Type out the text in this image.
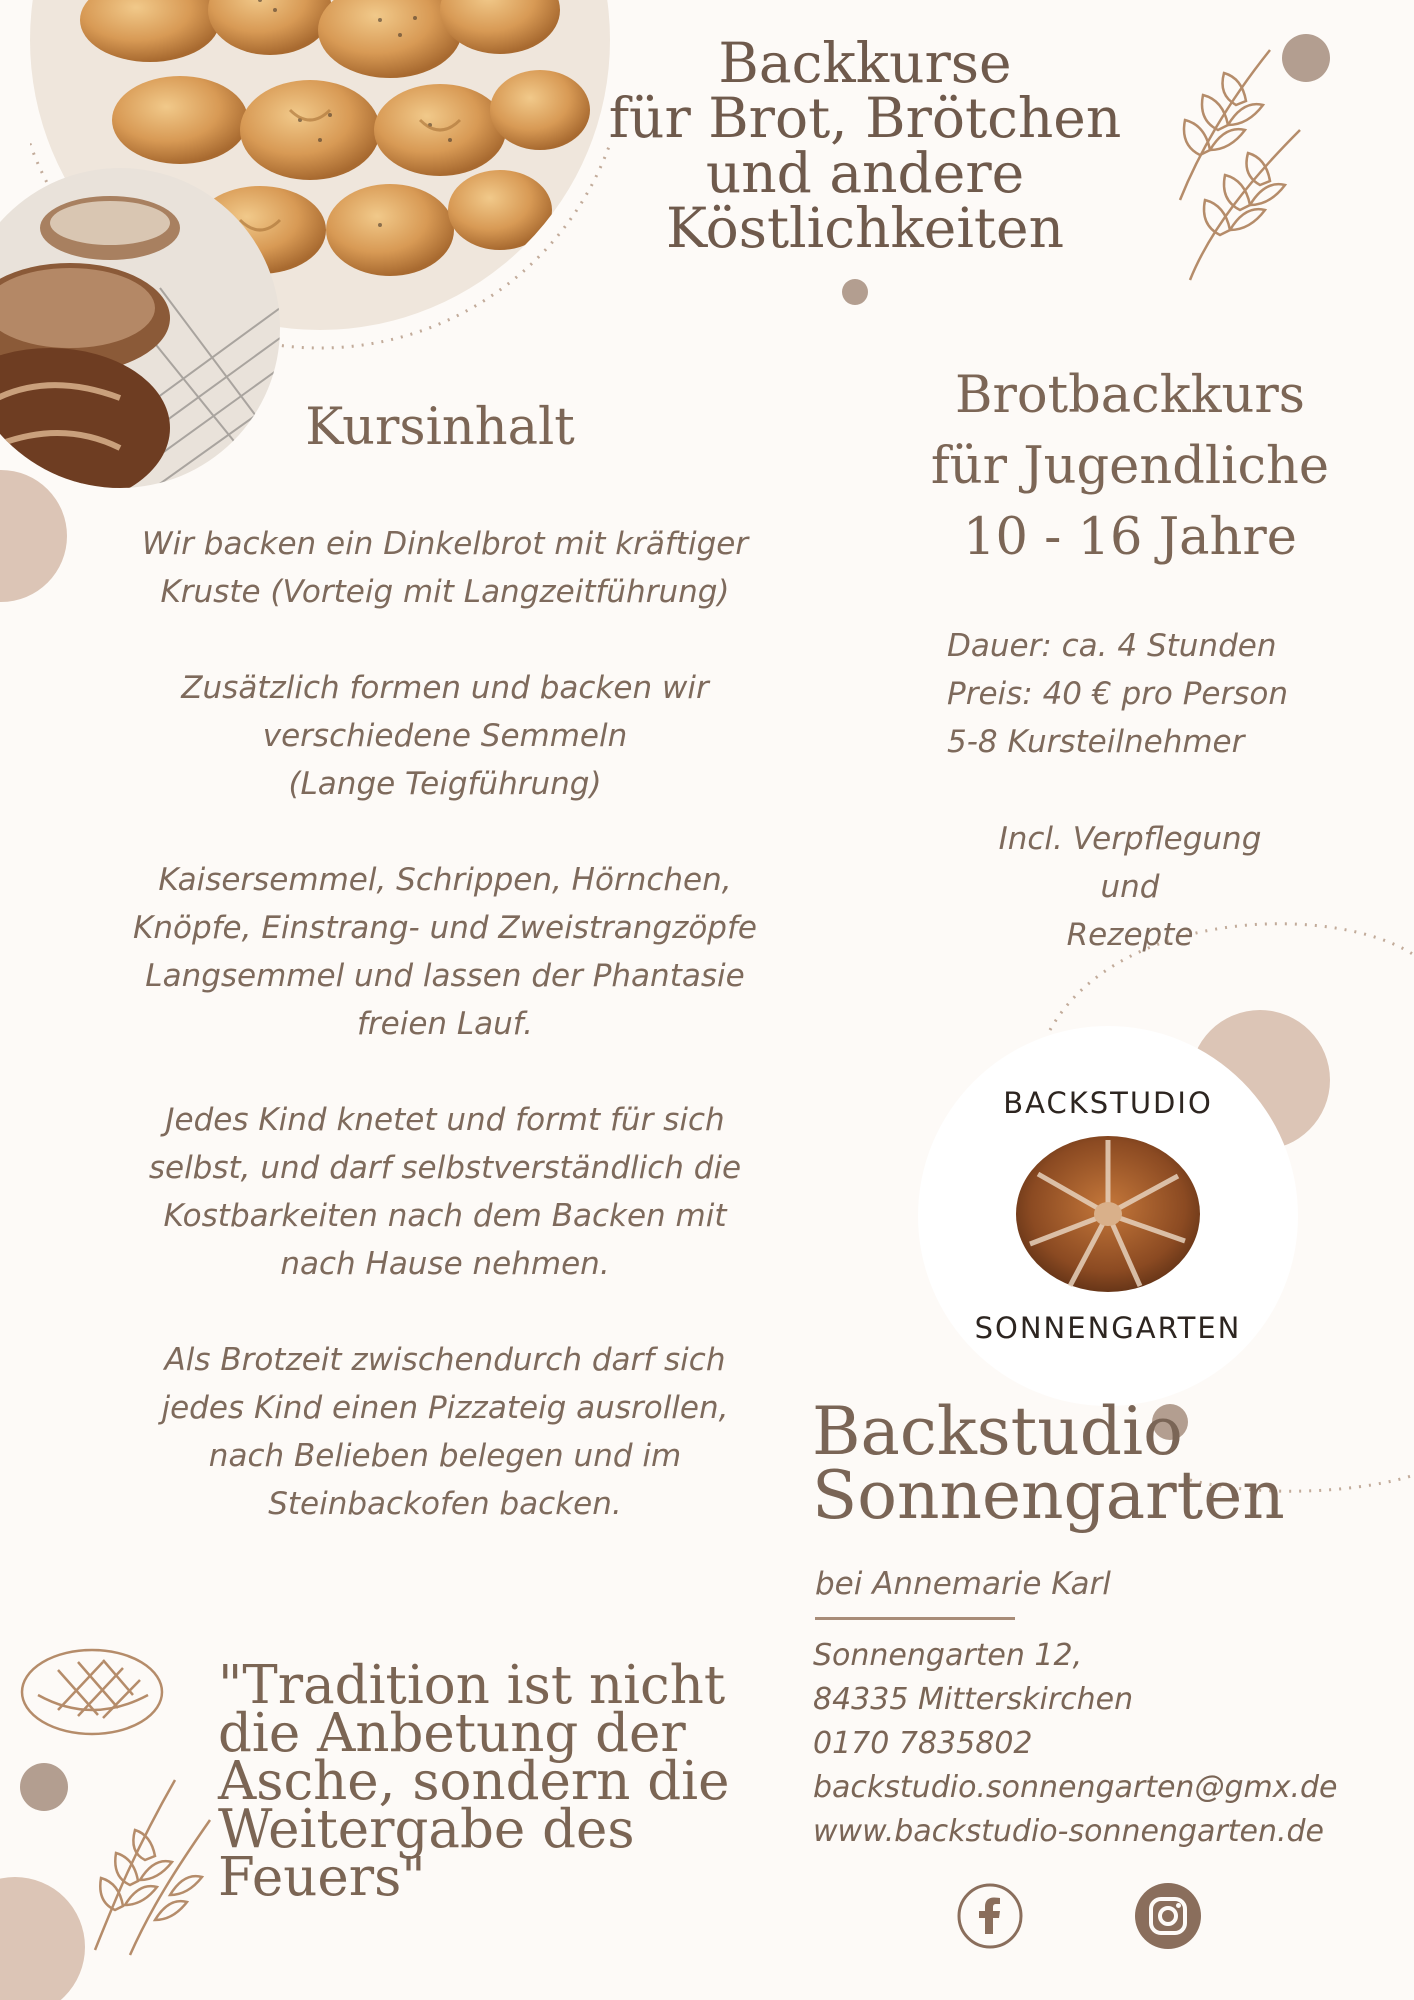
Backkurse
für Brot, Brötchen
und andere
Köstlichkeiten
Kursinhalt
Wir backen ein Dinkelbrot mit kräftiger
Kruste (Vorteig mit Langzeitführung)
Zusätzlich formen und backen wir
verschiedene Semmeln
(Lange Teigführung)
Kaisersemmel, Schrippen, Hörnchen,
Knöpfe, Einstrang- und Zweistrangzöpfe
Langsemmel und lassen der Phantasie
freien Lauf.
Jedes Kind knetet und formt für sich
selbst, und darf selbstverständlich die
Kostbarkeiten nach dem Backen mit
nach Hause nehmen.
Als Brotzeit zwischendurch darf sich
jedes Kind einen Pizzateig ausrollen,
nach Belieben belegen und im
Steinbackofen backen.
Brotbackkurs
für Jugendliche
10 - 16 Jahre
Dauer: ca. 4 Stunden
Preis: 40 € pro Person
5-8 Kursteilnehmer
Incl. Verpflegung
und
Rezepte
BACKSTUDIO
SONNENGARTEN
Backstudio
Sonnengarten
bei Annemarie Karl
Sonnengarten 12,
84335 Mitterskirchen
0170 7835802
backstudio.sonnengarten@gmx.de
www.backstudio-sonnengarten.de
"Tradition ist nicht
die Anbetung der
Asche, sondern die
Weitergabe des Feuers"
